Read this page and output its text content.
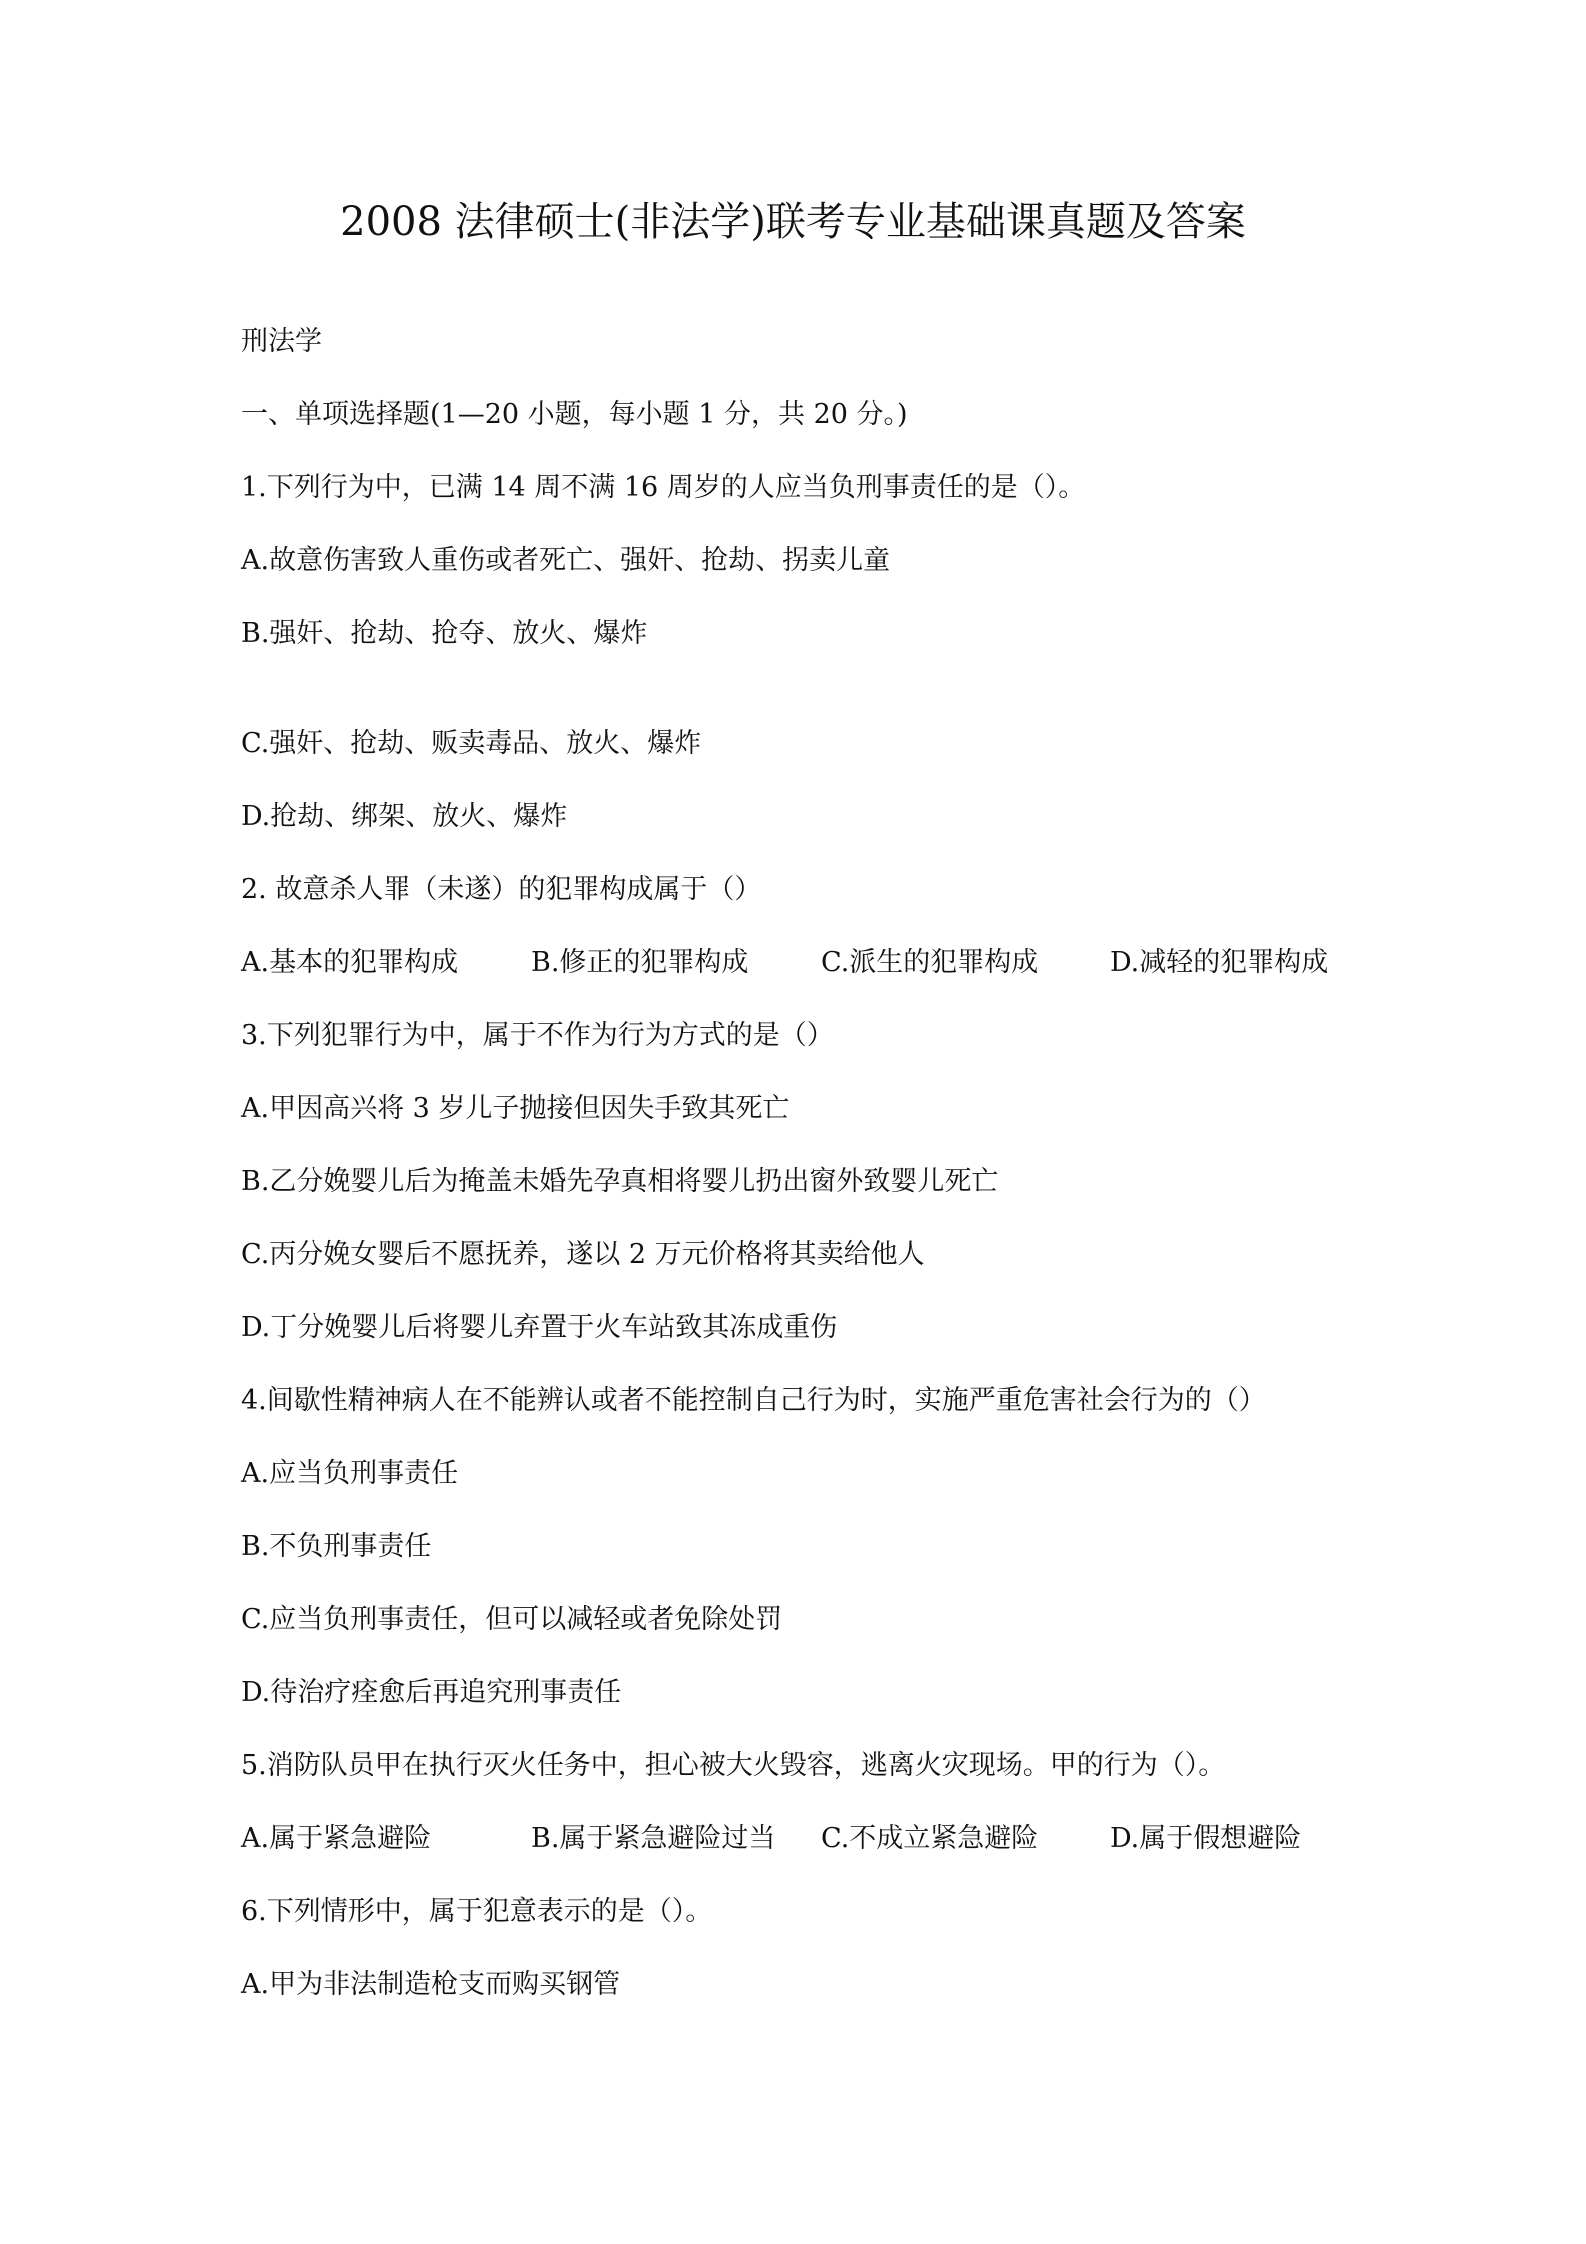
2008 法律硕士(非法学)联考专业基础课真题及答案
刑法学
一、单项选择题(1—20 小题，每小题 1 分，共 20 分。)
1.下列行为中，已满 14 周不满 16 周岁的人应当负刑事责任的是（）。
A.故意伤害致人重伤或者死亡、强奸、抢劫、拐卖儿童
B.强奸、抢劫、抢夺、放火、爆炸
C.强奸、抢劫、贩卖毒品、放火、爆炸
D.抢劫、绑架、放火、爆炸
2. 故意杀人罪（未遂）的犯罪构成属于（）
A.基本的犯罪构成	B.修正的犯罪构成	C.派生的犯罪构成	D.减轻的犯罪构成
3.下列犯罪行为中，属于不作为行为方式的是（）
A.甲因高兴将 3 岁儿子抛接但因失手致其死亡
B.乙分娩婴儿后为掩盖未婚先孕真相将婴儿扔出窗外致婴儿死亡
C.丙分娩女婴后不愿抚养，遂以 2 万元价格将其卖给他人
D.丁分娩婴儿后将婴儿弃置于火车站致其冻成重伤
4.间歇性精神病人在不能辨认或者不能控制自己行为时，实施严重危害社会行为的（）
A.应当负刑事责任
B.不负刑事责任
C.应当负刑事责任，但可以减轻或者免除处罚
D.待治疗痊愈后再追究刑事责任
5.消防队员甲在执行灭火任务中，担心被大火毁容，逃离火灾现场。甲的行为（）。
A.属于紧急避险	B.属于紧急避险过当 C.不成立紧急避险	D.属于假想避险
6.下列情形中，属于犯意表示的是（）。
A.甲为非法制造枪支而购买钢管
